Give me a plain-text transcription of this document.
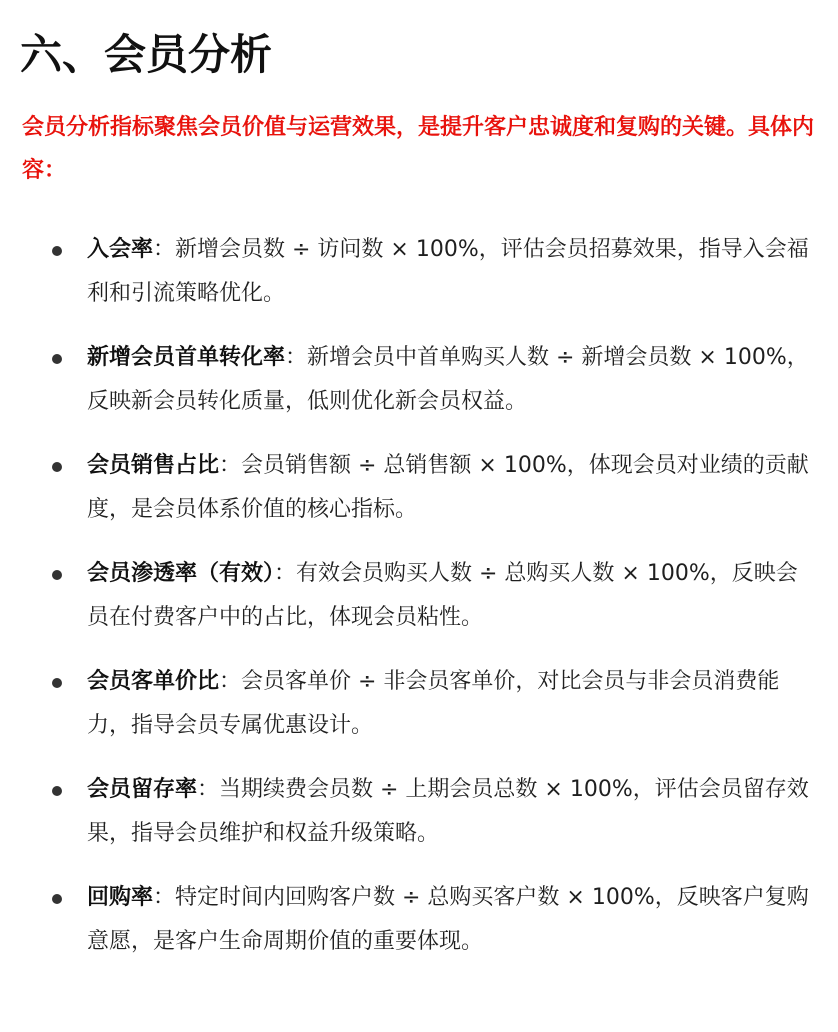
六、会员分析

会员分析指标聚焦会员价值与运营效果，是提升客户忠诚度和复购的关键。具体内容：

入会率：新增会员数 ÷ 访问数 × 100%，评估会员招募效果，指导入会福利和引流策略优化。
新增会员首单转化率：新增会员中首单购买人数 ÷ 新增会员数 × 100%，反映新会员转化质量，低则优化新会员权益。
会员销售占比：会员销售额 ÷ 总销售额 × 100%，体现会员对业绩的贡献度，是会员体系价值的核心指标。
会员渗透率（有效）：有效会员购买人数 ÷ 总购买人数 × 100%，反映会员在付费客户中的占比，体现会员粘性。
会员客单价比：会员客单价 ÷ 非会员客单价，对比会员与非会员消费能力，指导会员专属优惠设计。
会员留存率：当期续费会员数 ÷ 上期会员总数 × 100%，评估会员留存效果，指导会员维护和权益升级策略。
回购率：特定时间内回购客户数 ÷ 总购买客户数 × 100%，反映客户复购意愿，是客户生命周期价值的重要体现。
